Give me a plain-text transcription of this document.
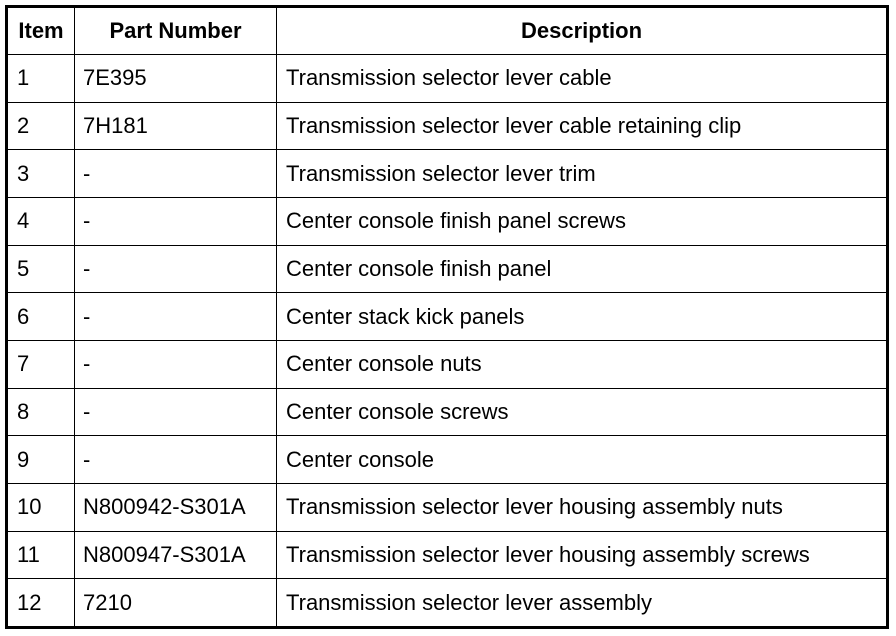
Item	Part Number	Description
1	7E395	Transmission selector lever cable
2	7H181	Transmission selector lever cable retaining clip
3	-	Transmission selector lever trim
4	-	Center console finish panel screws
5	-	Center console finish panel
6	-	Center stack kick panels
7	-	Center console nuts
8	-	Center console screws
9	-	Center console
10	N800942-S301A	Transmission selector lever housing assembly nuts
11	N800947-S301A	Transmission selector lever housing assembly screws
12	7210	Transmission selector lever assembly
